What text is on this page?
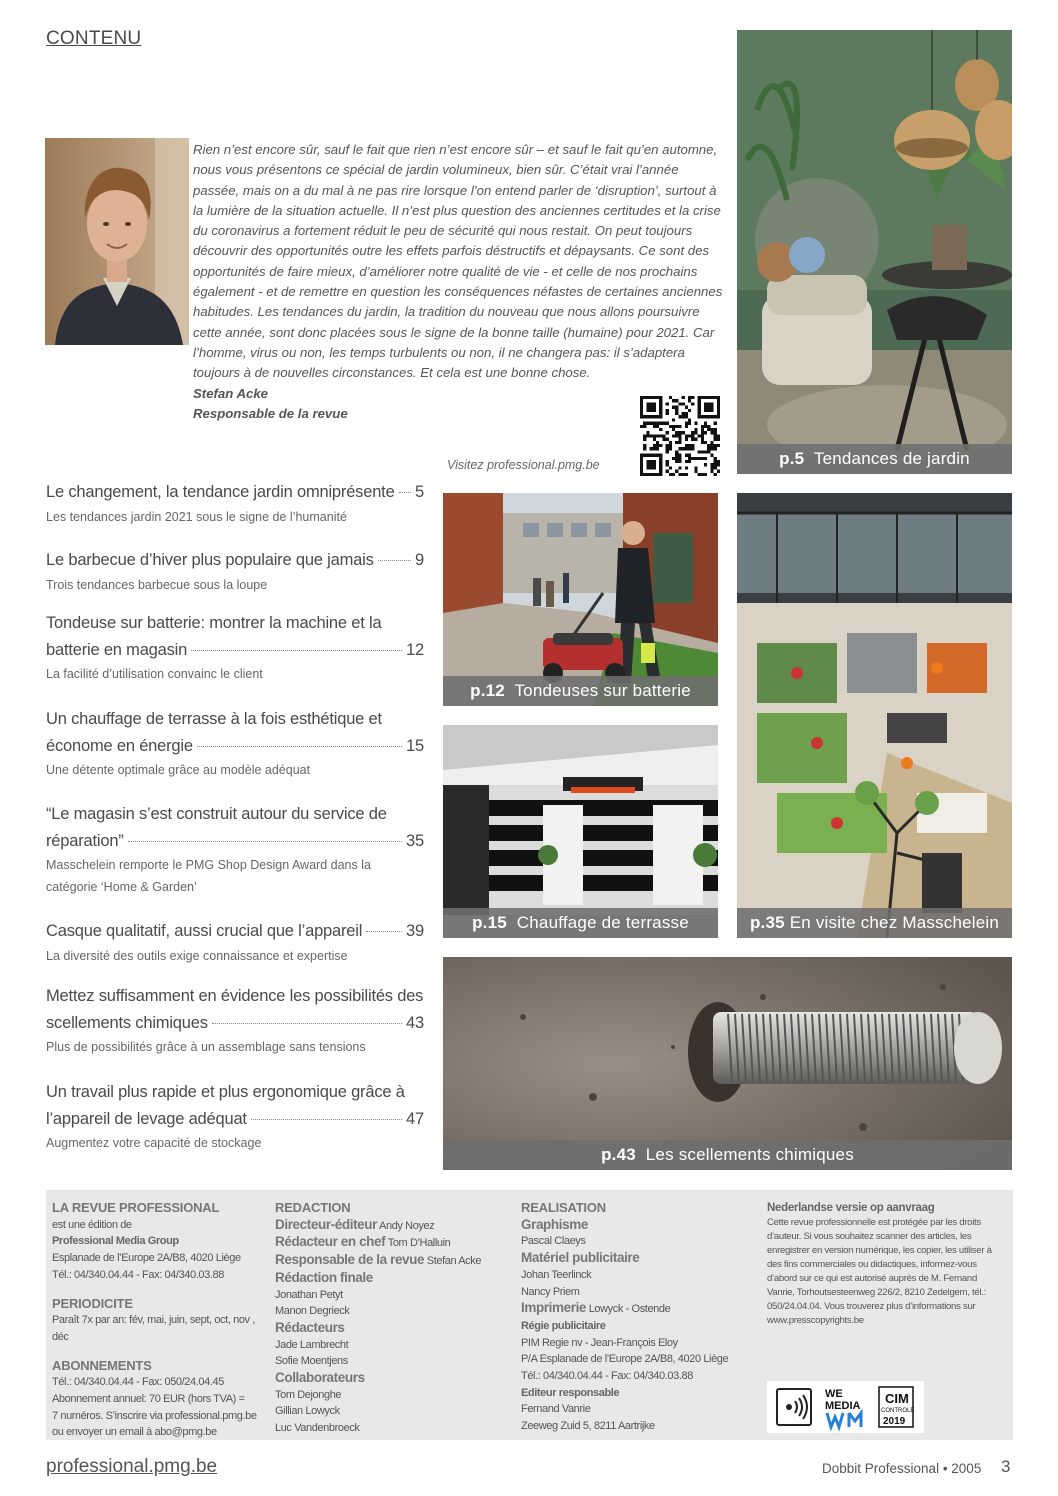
CONTENU
Rien n’est encore sûr, sauf le fait que rien n’est encore sûr – et sauf le fait qu’en automne, nous vous présentons ce spécial de jardin volumineux, bien sûr. C’était vrai l’année passée, mais on a du mal à ne pas rire lorsque l’on entend parler de ‘disruption’, surtout à la lumière de la situation actuelle. Il n’est plus question des anciennes certitudes et la crise du coronavirus a fortement réduit le peu de sécurité qui nous restait. On peut toujours découvrir des opportunités outre les effets parfois déstructifs et dépaysants. Ce sont des opportunités de faire mieux, d’améliorer notre qualité de vie - et celle de nos prochains également - et de remettre en question les conséquences néfastes de certaines anciennes habitudes. Les tendances du jardin, la tradition du nouveau que nous allons poursuivre cette année, sont donc placées sous le signe de la bonne taille (humaine) pour 2021. Car l’homme, virus ou non, les temps turbulents ou non, il ne changera pas: il s’adaptera toujours à de nouvelles circonstances. Et cela est une bonne chose.
Stefan Acke
Responsable de la revue
Visitez professional.pmg.be	p.5 Tendances de jardin
p.12 Tondeuses sur batterie
p.15 Chauffage de terrasse	p.35 En visite chez Masschelein
p.43 Les scellements chimiques
Le changement, la tendance jardin omniprésente 5
Les tendances jardin 2021 sous le signe de l’humanité
Le barbecue d’hiver plus populaire que jamais	9
Trois tendances barbecue sous la loupe
Tondeuse sur batterie: montrer la machine et la
batterie en magasin	12
La facilité d’utilisation convainc le client
Un chauffage de terrasse à la fois esthétique et
économe en énergie	15
Une détente optimale grâce au modèle adéquat
“Le magasin s’est construit autour du service de
réparation”	35
Masschelein remporte le PMG Shop Design Award dans la catégorie ‘Home & Garden’
Casque qualitatif, aussi crucial que l’appareil	39
La diversité des outils exige connaissance et expertise
Mettez suffisamment en évidence les possibilités des
scellements chimiques	43
Plus de possibilités grâce à un assemblage sans tensions
Un travail plus rapide et plus ergonomique grâce à
l’appareil de levage adéquat	47
Augmentez votre capacité de stockage
LA REVUE PROFESSIONAL
est une édition de
Professional Media Group
Esplanade de l’Europe 2A/B8, 4020 Liège
Tél.: 04/340.04.44 - Fax: 04/340.03.88
PERIODICITE
Paraît 7x par an: fév, mai, juin, sept, oct, nov , déc
ABONNEMENTS
Tél.: 04/340.04.44 - Fax: 050/24.04.45
Abonnement annuel: 70 EUR (hors TVA) =
7 numéros. S’inscrire via professional.pmg.be
ou envoyer un email à abo@pmg.be
REDACTION
Directeur-éditeur Andy Noyez
Rédacteur en chef Tom D’Halluin
Responsable de la revue Stefan Acke
Rédaction finale
Jonathan Petyt
Manon Degrieck
Rédacteurs
Jade Lambrecht
Sofie Moentjens
Collaborateurs
Tom Dejonghe
Gillian Lowyck
Luc Vandenbroeck
REALISATION
Graphisme
Pascal Claeys
Matériel publicitaire
Johan Teerlinck
Nancy Priem
Imprimerie Lowyck - Ostende
Régie publicitaire
PIM Regie nv - Jean-François Eloy
P/A Esplanade de l’Europe 2A/B8, 4020 Liège
Tél.: 04/340.04.44 - Fax: 04/340.03.88
Editeur responsable
Fernand Vanrie
Zeeweg Zuid 5, 8211 Aartrijke
Nederlandse versie op aanvraag
Cette revue professionnelle est protégée par les droits d’auteur. Si vous souhaitez scanner des articles, les enregistrer en version numérique, les copier, les utiliser à des fins commerciales ou didactiques, informez-vous d’abord sur ce qui est autorisé auprès de M. Fernand Vanrie, Torhoutsesteenweg 226/2, 8210 Zedelgem, tél.: 050/24.04.04. Vous trouverez plus d’informations sur www.presscopyrights.be
WE
MEDIA CIM
CONTROLE
2019
professional.pmg.be	Dobbit Professional • 2005 3
